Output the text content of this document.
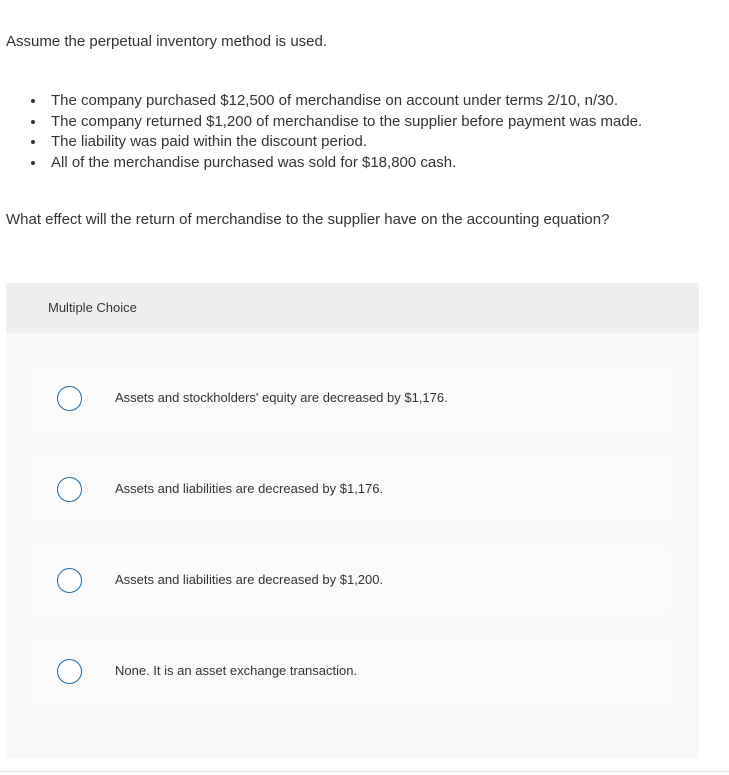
Assume the perpetual inventory method is used.

The company purchased $12,500 of merchandise on account under terms 2/10, n/30.
The company returned $1,200 of merchandise to the supplier before payment was made.
The liability was paid within the discount period.
All of the merchandise purchased was sold for $18,800 cash.

What effect will the return of merchandise to the supplier have on the accounting equation?

Multiple Choice
Assets and stockholders' equity are decreased by $1,176.
Assets and liabilities are decreased by $1,176.
Assets and liabilities are decreased by $1,200.
None. It is an asset exchange transaction.
